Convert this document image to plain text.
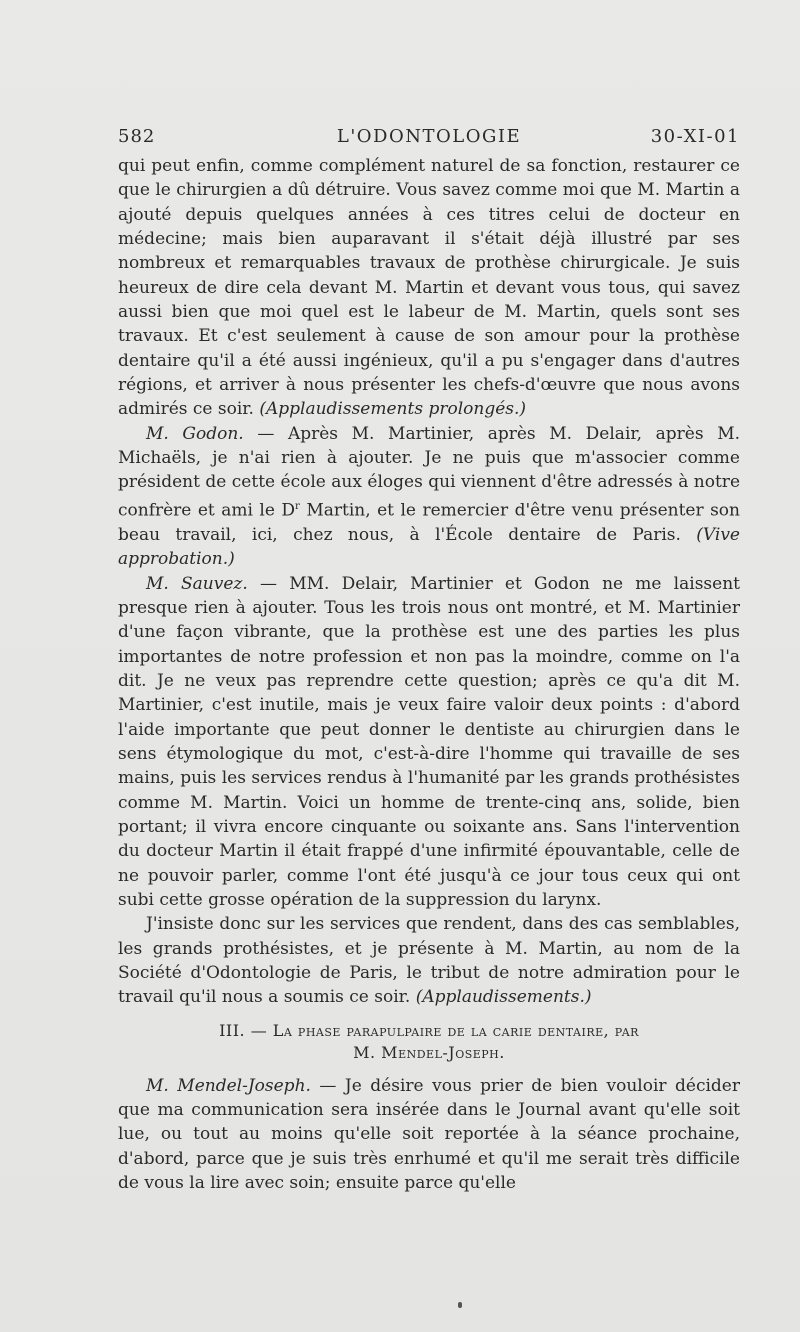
582	L'ODONTOLOGIE	30-XI-01

qui peut enfin, comme complément naturel de sa fonction, restaurer ce que le chirurgien a dû détruire. Vous savez comme moi que M. Martin a ajouté depuis quelques années à ces titres celui de docteur en médecine; mais bien auparavant il s'était déjà illustré par ses nombreux et remarquables travaux de prothèse chirurgicale. Je suis heureux de dire cela devant M. Martin et devant vous tous, qui savez aussi bien que moi quel est le labeur de M. Martin, quels sont ses travaux. Et c'est seulement à cause de son amour pour la prothèse dentaire qu'il a été aussi ingénieux, qu'il a pu s'engager dans d'autres régions, et arriver à nous présenter les chefs-d'œuvre que nous avons admirés ce soir. (Applaudissements prolongés.)

M. Godon. — Après M. Martinier, après M. Delair, après M. Michaëls, je n'ai rien à ajouter. Je ne puis que m'associer comme président de cette école aux éloges qui viennent d'être adressés à notre confrère et ami le $D^r$ Martin, et le remercier d'être venu présenter son beau travail, ici, chez nous, à l'École dentaire de Paris. (Vive approbation.)

M. Sauvez. — MM. Delair, Martinier et Godon ne me laissent presque rien à ajouter. Tous les trois nous ont montré, et M. Martinier d'une façon vibrante, que la prothèse est une des parties les plus importantes de notre profession et non pas la moindre, comme on l'a dit. Je ne veux pas reprendre cette question; après ce qu'a dit M. Martinier, c'est inutile, mais je veux faire valoir deux points : d'abord l'aide importante que peut donner le dentiste au chirurgien dans le sens étymologique du mot, c'est-à-dire l'homme qui travaille de ses mains, puis les services rendus à l'humanité par les grands prothésistes comme M. Martin. Voici un homme de trente-cinq ans, solide, bien portant; il vivra encore cinquante ou soixante ans. Sans l'intervention du docteur Martin il était frappé d'une infirmité épouvantable, celle de ne pouvoir parler, comme l'ont été jusqu'à ce jour tous ceux qui ont subi cette grosse opération de la suppression du larynx.

J'insiste donc sur les services que rendent, dans des cas semblables, les grands prothésistes, et je présente à M. Martin, au nom de la Société d'Odontologie de Paris, le tribut de notre admiration pour le travail qu'il nous a soumis ce soir. (Applaudissements.)

III. — La phase parapulpaire de la carie dentaire, par
M. Mendel-Joseph.

M. Mendel-Joseph. — Je désire vous prier de bien vouloir décider que ma communication sera insérée dans le Journal avant qu'elle soit lue, ou tout au moins qu'elle soit reportée à la séance prochaine, d'abord, parce que je suis très enrhumé et qu'il me serait très difficile de vous la lire avec soin; ensuite parce qu'elle
